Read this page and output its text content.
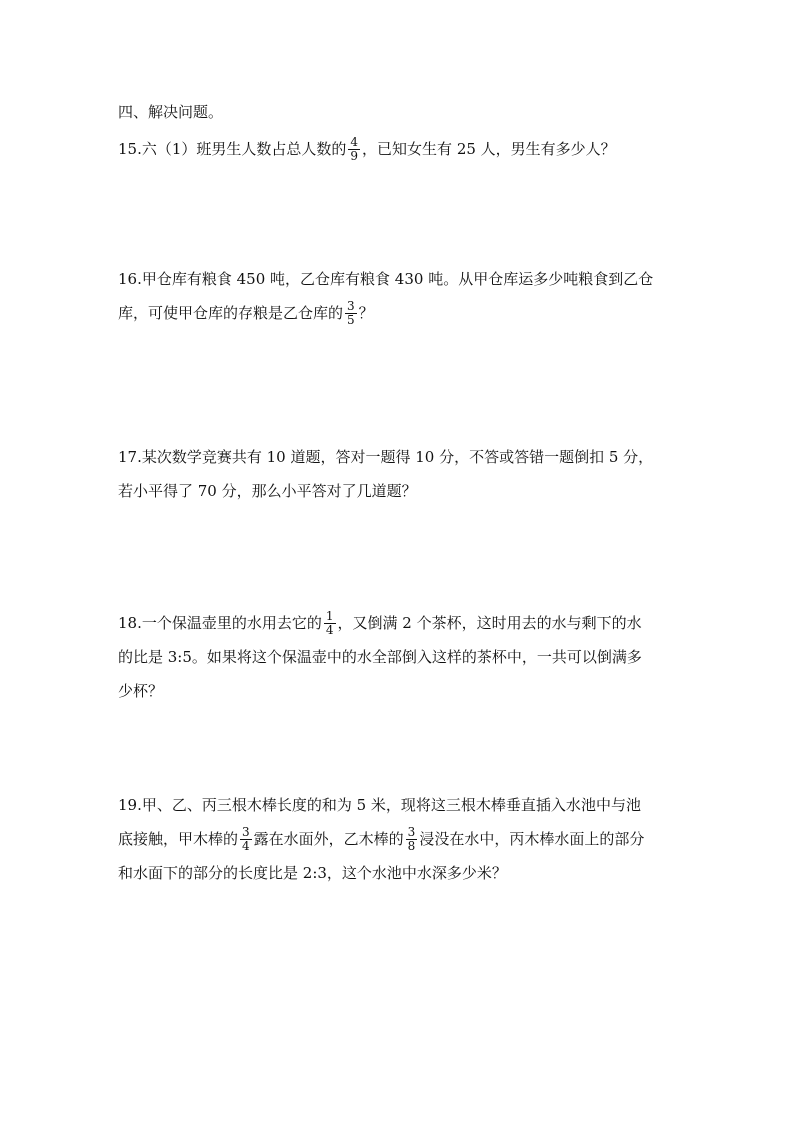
四、解决问题。
15.六（1）班男生人数占总人数的 $\frac{4}{9}$ ，已知女生有 25 人，男生有多少人？
16.甲仓库有粮食 450 吨，乙仓库有粮食 430 吨。从甲仓库运多少吨粮食到乙仓
库，可使甲仓库的存粮是乙仓库的 $\frac{3}{5}$ ？
17.某次数学竞赛共有 10 道题，答对一题得 10 分，不答或答错一题倒扣 5 分，
若小平得了 70 分，那么小平答对了几道题？
18.一个保温壶里的水用去它的 $\frac{1}{4}$ ，又倒满 2 个茶杯，这时用去的水与剩下的水
的比是 3:5。如果将这个保温壶中的水全部倒入这样的茶杯中，一共可以倒满多
少杯？
19.甲、乙、丙三根木棒长度的和为 5 米，现将这三根木棒垂直插入水池中与池
底接触，甲木棒的 $\frac{3}{4}$ 露在水面外，乙木棒的 $\frac{3}{8}$ 浸没在水中，丙木棒水面上的部分
和水面下的部分的长度比是 2:3，这个水池中水深多少米？
